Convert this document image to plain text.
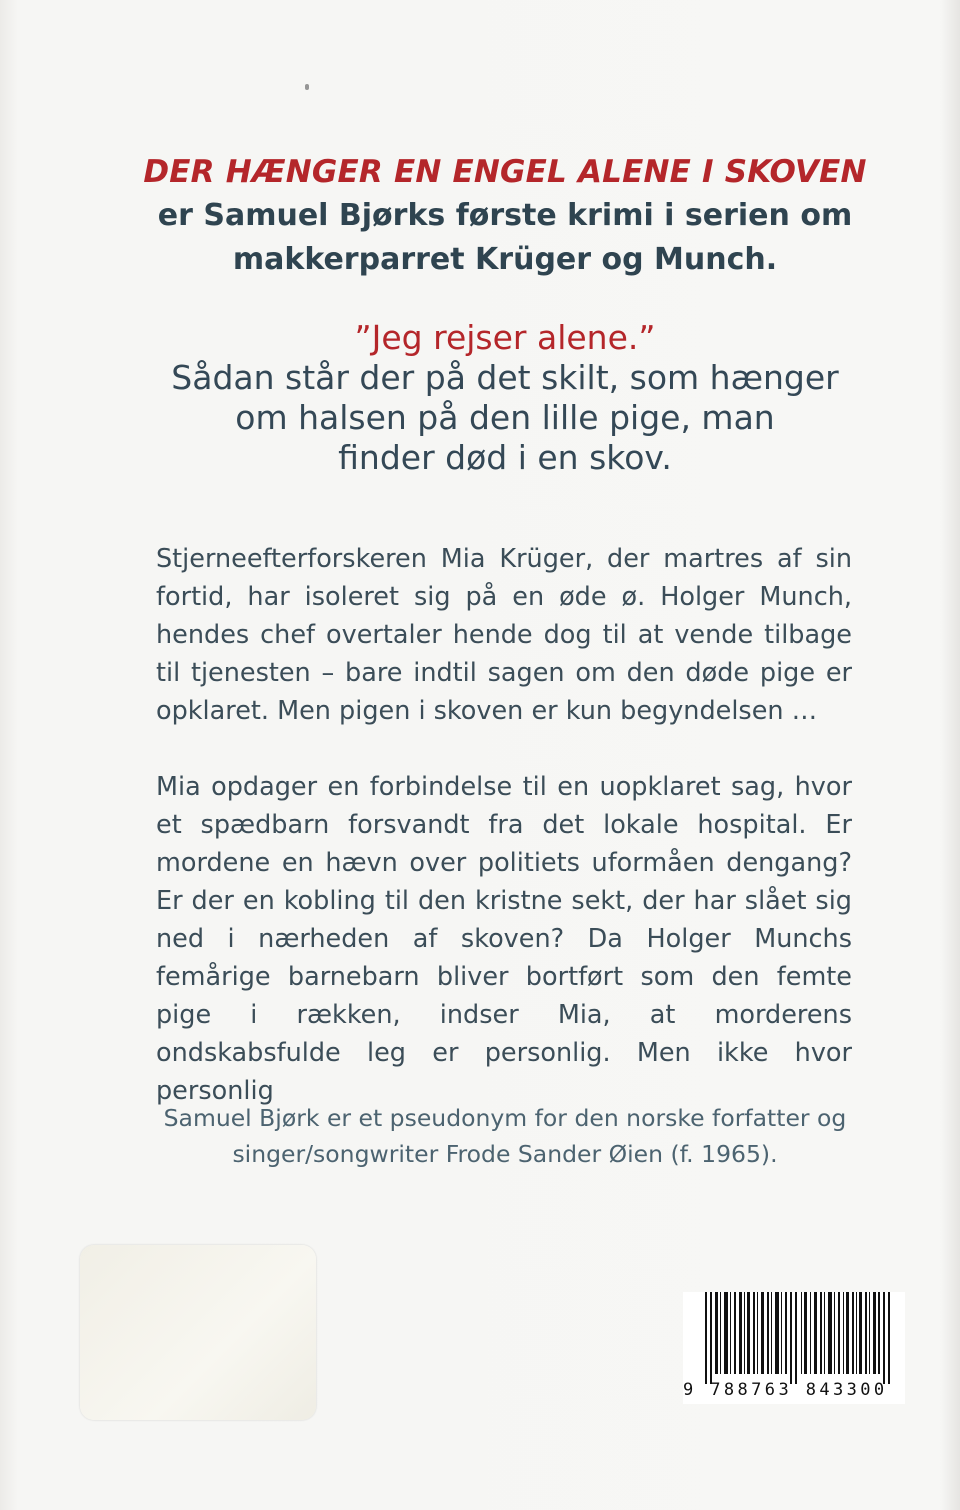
DER HÆNGER EN ENGEL ALENE I SKOVEN
er Samuel Bjørks første krimi i serien om
makkerparret Krüger og Munch.
”Jeg rejser alene.”
Sådan står der på det skilt, som hænger
om halsen på den lille pige, man
finder død i en skov.

Stjerneefterforskeren Mia Krüger, der martres af sin fortid, har isoleret sig på en øde ø. Holger Munch, hendes chef overtaler hende dog til at vende tilbage til tjenesten – bare indtil sagen om den døde pige er opklaret. Men pigen i skoven er kun begyndelsen …

Mia opdager en forbindelse til en uopklaret sag, hvor et spædbarn forsvandt fra det lokale hospital. Er mordene en hævn over politiets uformåen dengang? Er der en kobling til den kristne sekt, der har slået sig ned i nærheden af skoven? Da Holger Munchs femårige barnebarn bliver bortført som den femte pige i rækken, indser Mia, at morderens ondskabsfulde leg er personlig. Men ikke hvor personlig

Samuel Bjørk er et pseudonym for den norske forfatter og
singer/songwriter Frode Sander Øien (f. 1965).
9 788763 843300
